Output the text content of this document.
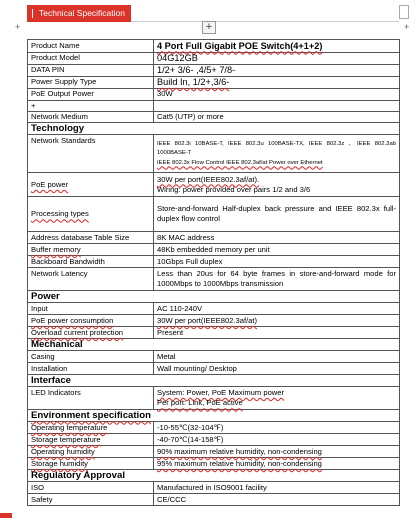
Technical Specification
+	+	+
Product Name	4 Port Full Gigabit POE Switch(4+1+2)
Product Model	04G12GB
DATA PIN	1/2+ 3/6- ,4/5+ 7/8-
Power Supply Type	Build In, 1/2+,3/6-
PoE Output Power	30W
+	
Network Medium	Cat5 (UTP) or more
Technology	
Network Standards	IEEE 802.3i 10BASE-T, IEEE 802.3u 100BASE-TX, IEEE 802.3z 、IEEE 802.3ab 1000BASE-T
IEEE 802.3x Flow Control IEEE 802.3af/at Power over Ethernet

PoE power	30W per port(IEEE802.3af/at).
Wiring: power provided over pairs 1/2 and 3/6

Processing types	Store-and-forward Half-duplex back pressure and IEEE 802.3x full-duplex flow control
Address database Table Size	8K MAC address
Buffer memory	48Kb embedded memory per unit
Backboard Bandwidth	10Gbps Full duplex
Network Latency	Less than 20us for 64 byte frames in store-and-forward mode for 1000Mbps to 1000Mbps transmission
Power	
Input	AC 110-240V
PoE power consumption	30W per port(IEEE802.3af/at)
Overload current protection	Present
Mechanical	
Casing	Metal
Installation	Wall mounting/ Desktop
Interface	
LED Indicators	System: Power, PoE Maximum power
Per port: Link, PoE active

Environment specification	
Operating temperature	-10-55℃(32-104℉)
Storage temperature	-40-70℃(14-158℉)
Operating humidity	90% maximum relative humidity, non-condensing
Storage humidity	95% maximum relative humidity, non-condensing
Regulatory Approval	
ISO	Manufactured in ISO9001 facility
Safety	CE/CCC
